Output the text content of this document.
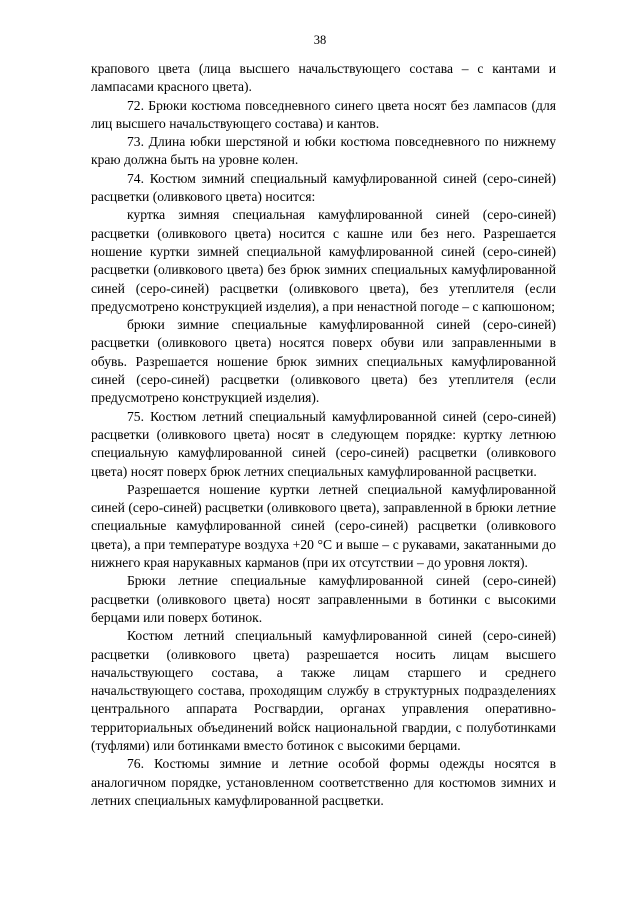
38

крапового цвета (лица высшего начальствующего состава – с кантами и лампасами красного цвета).

72. Брюки костюма повседневного синего цвета носят без лампасов (для лиц высшего начальствующего состава) и кантов.

73. Длина юбки шерстяной и юбки костюма повседневного по нижнему краю должна быть на уровне колен.

74. Костюм зимний специальный камуфлированной синей (серо-синей) расцветки (оливкового цвета) носится:

куртка зимняя специальная камуфлированной синей (серо-синей) расцветки (оливкового цвета) носится с кашне или без него. Разрешается ношение куртки зимней специальной камуфлированной синей (серо-синей) расцветки (оливкового цвета) без брюк зимних специальных камуфлированной синей (серо-синей) расцветки (оливкового цвета), без утеплителя (если предусмотрено конструкцией изделия), а при ненастной погоде – с капюшоном;

брюки зимние специальные камуфлированной синей (серо-синей) расцветки (оливкового цвета) носятся поверх обуви или заправленными в обувь. Разрешается ношение брюк зимних специальных камуфлированной синей (серо-синей) расцветки (оливкового цвета) без утеплителя (если предусмотрено конструкцией изделия).

75. Костюм летний специальный камуфлированной синей (серо-синей) расцветки (оливкового цвета) носят в следующем порядке: куртку летнюю специальную камуфлированной синей (серо-синей) расцветки (оливкового цвета) носят поверх брюк летних специальных камуфлированной расцветки.

Разрешается ношение куртки летней специальной камуфлированной синей (серо-синей) расцветки (оливкового цвета), заправленной в брюки летние специальные камуфлированной синей (серо-синей) расцветки (оливкового цвета), а при температуре воздуха +20 °С и выше – с рукавами, закатанными до нижнего края нарукавных карманов (при их отсутствии – до уровня локтя).

Брюки летние специальные камуфлированной синей (серо-синей) расцветки (оливкового цвета) носят заправленными в ботинки с высокими берцами или поверх ботинок.

Костюм летний специальный камуфлированной синей (серо-синей) расцветки (оливкового цвета) разрешается носить лицам высшего начальствующего состава, а также лицам старшего и среднего начальствующего состава, проходящим службу в структурных подразделениях центрального аппарата Росгвардии, органах управления оперативно-территориальных объединений войск национальной гвардии, с полуботинками (туфлями) или ботинками вместо ботинок с высокими берцами.

76. Костюмы зимние и летние особой формы одежды носятся в аналогичном порядке, установленном соответственно для костюмов зимних и летних специальных камуфлированной расцветки.
